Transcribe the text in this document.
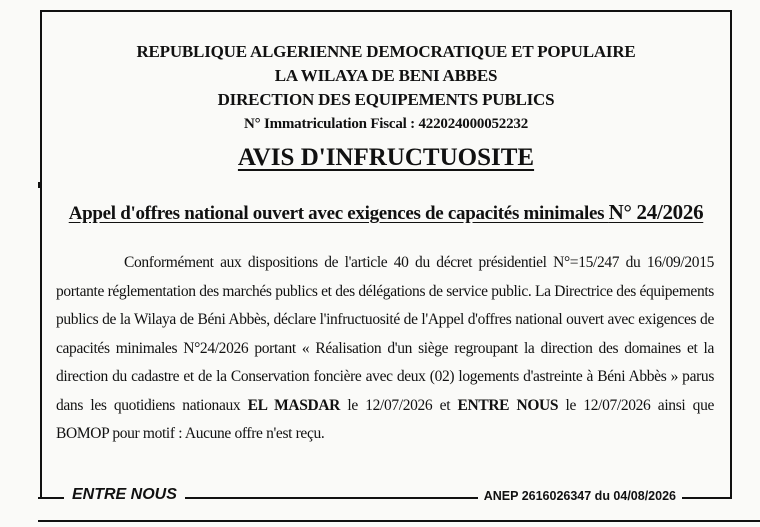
REPUBLIQUE ALGERIENNE DEMOCRATIQUE ET POPULAIRE
LA WILAYA DE BENI ABBES
DIRECTION DES EQUIPEMENTS PUBLICS
N° Immatriculation Fiscal : 422024000052232
AVIS D'INFRUCTUOSITE
Appel d'offres national ouvert avec exigences de capacités minimales N° 24/2026
Conformément aux dispositions de l'article 40 du décret présidentiel N°=15/247 du 16/09/2015 portante réglementation des marchés publics et des délégations de service public. La Directrice des équipements publics de la Wilaya de Béni Abbès, déclare l'infructuosité de l'Appel d'offres national ouvert avec exigences de capacités minimales N°24/2026 portant « Réalisation d'un siège regroupant la direction des domaines et la direction du cadastre et de la Conservation foncière avec deux (02) logements d'astreinte à Béni Abbès » parus dans les quotidiens nationaux EL MASDAR le 12/07/2026 et ENTRE NOUS le 12/07/2026 ainsi que BOMOP pour motif : Aucune offre n'est reçu.
ENTRE NOUS	ANEP 2616026347 du 04/08/2026
